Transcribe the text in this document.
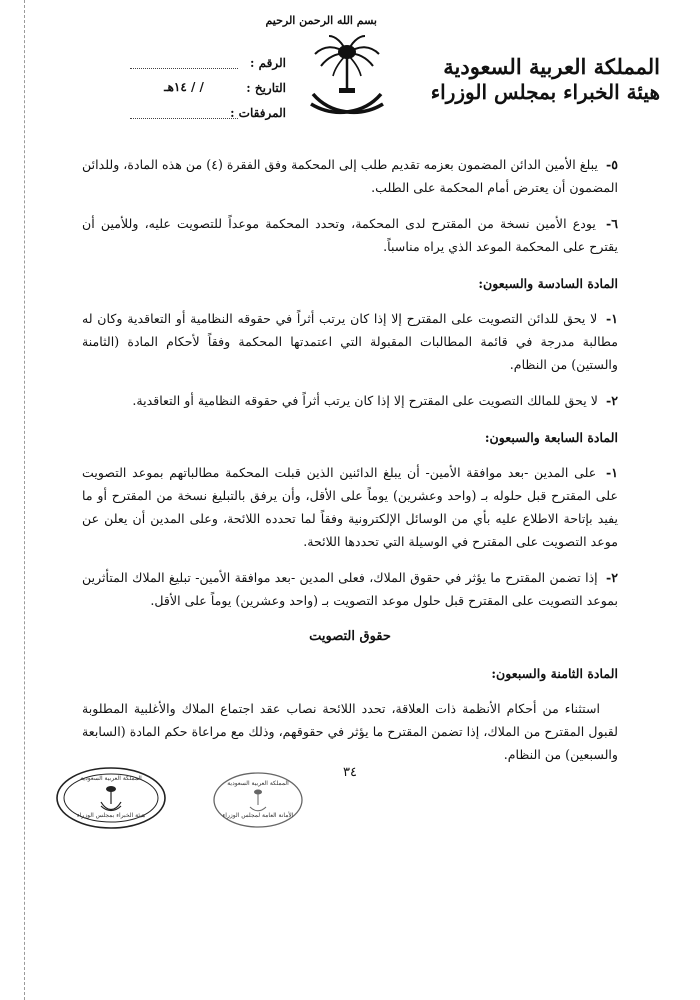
بسم الله الرحمن الرحيم
المملكة العربية السعودية
هيئة الخبراء بمجلس الوزراء
الرقم :
التاريخ :
/ / ١٤هـ
المرفقات :

٥- يبلغ الأمين الدائن المضمون بعزمه تقديم طلب إلى المحكمة وفق الفقرة (٤) من هذه المادة، وللدائن المضمون أن يعترض أمام المحكمة على الطلب.

٦- يودع الأمين نسخة من المقترح لدى المحكمة، وتحدد المحكمة موعداً للتصويت عليه، وللأمين أن يقترح على المحكمة الموعد الذي يراه مناسباً.

المادة السادسة والسبعون:

١- لا يحق للدائن التصويت على المقترح إلا إذا كان يرتب أثراً في حقوقه النظامية أو التعاقدية وكان له مطالبة مدرجة في قائمة المطالبات المقبولة التي اعتمدتها المحكمة وفقاً لأحكام المادة (الثامنة والستين) من النظام.

٢- لا يحق للمالك التصويت على المقترح إلا إذا كان يرتب أثراً في حقوقه النظامية أو التعاقدية.

المادة السابعة والسبعون:

١- على المدين -بعد موافقة الأمين- أن يبلغ الدائنين الذين قبلت المحكمة مطالباتهم بموعد التصويت على المقترح قبل حلوله بـ (واحد وعشرين) يوماً على الأقل، وأن يرفق بالتبليغ نسخة من المقترح أو ما يفيد بإتاحة الاطلاع عليه بأي من الوسائل الإلكترونية وفقاً لما تحدده اللائحة، وعلى المدين أن يعلن عن موعد التصويت على المقترح في الوسيلة التي تحددها اللائحة.

٢- إذا تضمن المقترح ما يؤثر في حقوق الملاك، فعلى المدين -بعد موافقة الأمين- تبليغ الملاك المتأثرين بموعد التصويت على المقترح قبل حلول موعد التصويت بـ (واحد وعشرين) يوماً على الأقل.

حقوق التصويت
المادة الثامنة والسبعون:

استثناء من أحكام الأنظمة ذات العلاقة، تحدد اللائحة نصاب عقد اجتماع الملاك والأغلبية المطلوبة لقبول المقترح من الملاك، إذا تضمن المقترح ما يؤثر في حقوقهم، وذلك مع مراعاة حكم المادة (السابعة والسبعين) من النظام.

٣٤
المملكة العربية السعودية
هيئة الخبراء بمجلس الوزراء
المملكة العربية السعودية
الأمانة العامة لمجلس الوزراء
